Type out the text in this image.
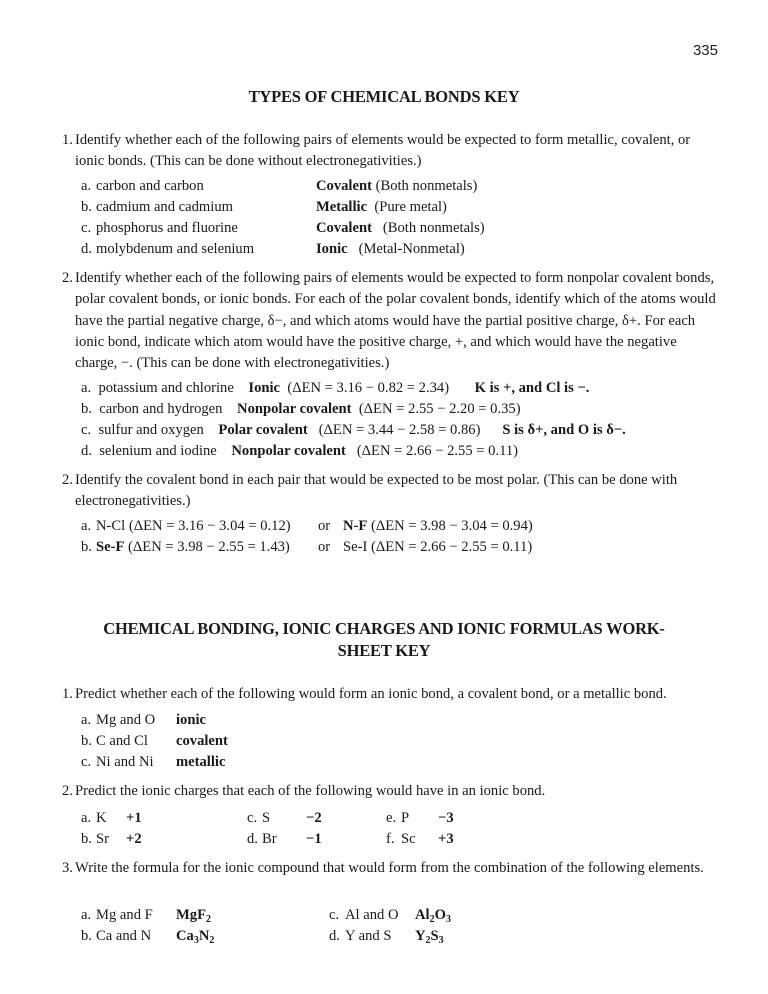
335
TYPES OF CHEMICAL BONDS KEY
1. Identify whether each of the following pairs of elements would be expected to form metallic, covalent, or ionic bonds. (This can be done without electronegativities.)
a. carbon and carbon	Covalent (Both nonmetals)
b. cadmium and cadmium	Metallic (Pure metal)
c. phosphorus and fluorine	Covalent (Both nonmetals)
d. molybdenum and selenium	Ionic (Metal-Nonmetal)
2. Identify whether each of the following pairs of elements would be expected to form nonpolar covalent bonds, polar covalent bonds, or ionic bonds. For each of the polar covalent bonds, identify which of the atoms would have the partial negative charge, δ−, and which atoms would have the partial positive charge, δ+. For each ionic bond, indicate which atom would have the positive charge, +, and which would have the negative charge, −. (This can be done with electronegativities.)
a. potassium and chlorine Ionic (ΔEN = 3.16 − 0.82 = 2.34) K is +, and Cl is −.
b. carbon and hydrogen Nonpolar covalent (ΔEN = 2.55 − 2.20 = 0.35)
c. sulfur and oxygen Polar covalent (ΔEN = 3.44 − 2.58 = 0.86) S is δ+, and O is δ−.
d. selenium and iodine Nonpolar covalent (ΔEN = 2.66 − 2.55 = 0.11)
2. Identify the covalent bond in each pair that would be expected to be most polar. (This can be done with electronegativities.)
a. N-Cl (ΔEN = 3.16 − 3.04 = 0.12) or N-F (ΔEN = 3.98 − 3.04 = 0.94)
b. Se-F (ΔEN = 3.98 − 2.55 = 1.43) or Se-I (ΔEN = 2.66 − 2.55 = 0.11)
CHEMICAL BONDING, IONIC CHARGES AND IONIC FORMULAS WORK-
SHEET KEY
1. Predict whether each of the following would form an ionic bond, a covalent bond, or a metallic bond.
a. Mg and O ionic
b. C and Cl covalent
c. Ni and Ni metallic
2. Predict the ionic charges that each of the following would have in an ionic bond.
a. K +1
b. Sr +2
c. S −2
d. Br −1
e. P −3
f. Sc +3
3. Write the formula for the ionic compound that would form from the combination of the following elements.
a. Mg and F MgF$_2$
b. Ca and N $Ca_3N_2$
c. Al and O $Al_2O_3$
d. Y and S $Y_2S_3$
